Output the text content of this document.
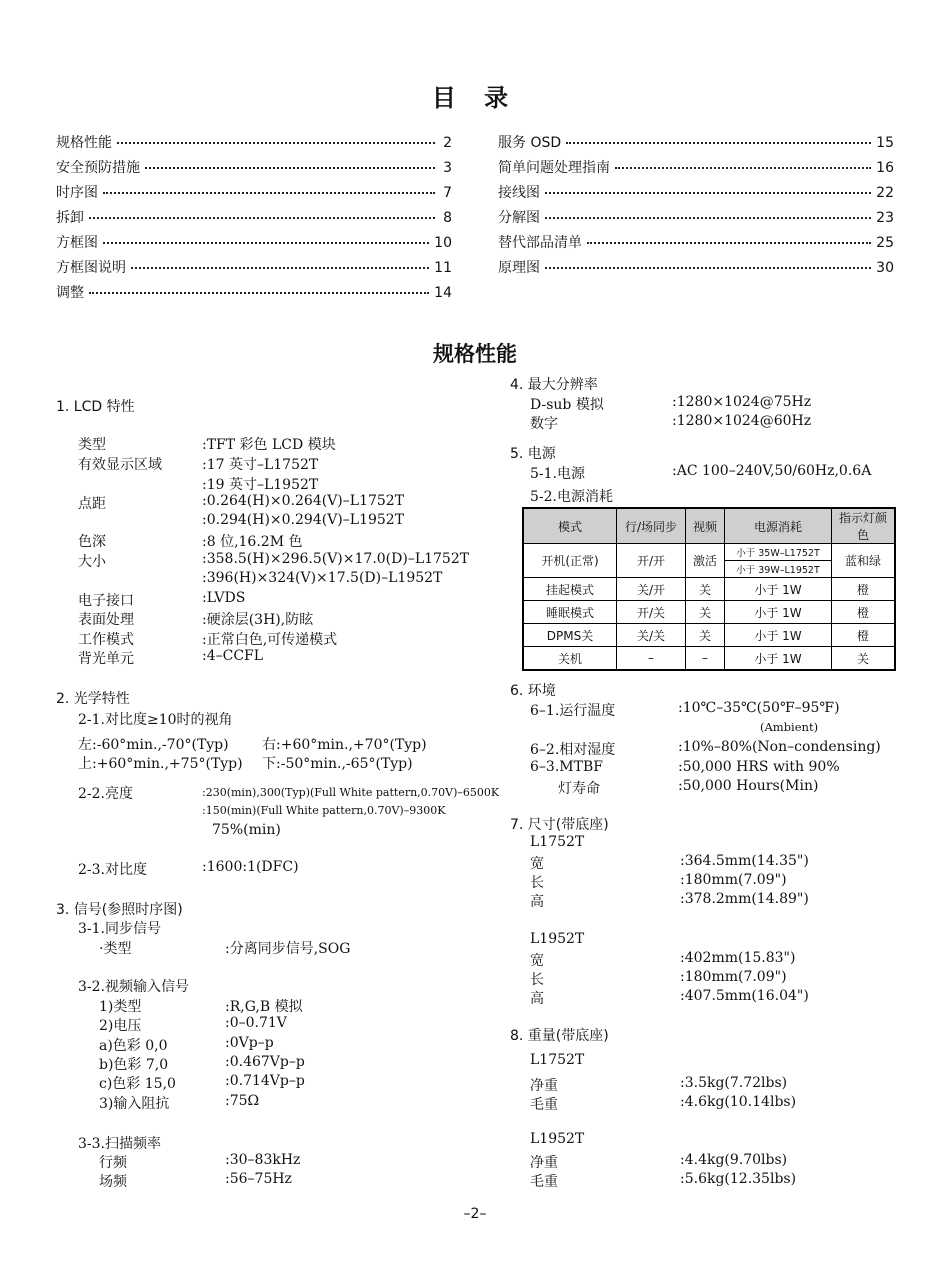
目 录
规格性能	2
安全预防措施	3
时序图	7
拆卸	8
方框图	10
方框图说明	11
调整	14
服务 OSD	15
简单问题处理指南	16
接线图	22
分解图	23
替代部品清单	25
原理图	30
规格性能
1. LCD 特性
类型	:TFT 彩色 LCD 模块
有效显示区域	:17 英寸–L1752T
:19 英寸–L1952T
点距	:0.264(H)×0.264(V)–L1752T
:0.294(H)×0.294(V)–L1952T
色深	:8 位,16.2M 色
大小	:358.5(H)×296.5(V)×17.0(D)–L1752T
:396(H)×324(V)×17.5(D)–L1952T
电子接口	:LVDS
表面处理	:硬涂层(3H),防眩
工作模式	:正常白色,可传递模式
背光单元	:4–CCFL
2. 光学特性
2-1.对比度≥10时的视角
左:-60°min.,-70°(Typ) 右:+60°min.,+70°(Typ)
上:+60°min.,+75°(Typ) 下:-50°min.,-65°(Typ)
2-2.亮度	:230(min),300(Typ)(Full White pattern,0.70V)–6500K
:150(min)(Full White pattern,0.70V)–9300K
75%(min)
2-3.对比度	:1600:1(DFC)
3. 信号(参照时序图)
3-1.同步信号
·类型	:分离同步信号,SOG
3-2.视频输入信号
1)类型	:R,G,B 模拟
2)电压	:0–0.71V
a)色彩 0,0	:0Vp–p
b)色彩 7,0	:0.467Vp–p
c)色彩 15,0	:0.714Vp–p
3)输入阻抗	:75Ω
3-3.扫描频率
行频	:30–83kHz
场频	:56–75Hz
4. 最大分辨率
D-sub 模拟	:1280×1024@75Hz
数字	:1280×1024@60Hz
5. 电源
5-1.电源	:AC 100–240V,50/60Hz,0.6A
5-2.电源消耗
模式	行/场同步	视频	电源消耗	指示灯颜色
开机(正常)	开/开	激活	小于 35W–L1752T	蓝和绿
			小于 39W–L1952T	
挂起模式	关/开	关	小于 1W	橙
睡眠模式	开/关	关	小于 1W	橙
DPMS关	关/关	关	小于 1W	橙
关机	–	–	小于 1W	关
6. 环境
6–1.运行温度	:10℃–35℃(50℉–95℉)
(Ambient)
6–2.相对湿度	:10%–80%(Non–condensing)
6–3.MTBF	:50,000 HRS with 90%
灯寿命	:50,000 Hours(Min)
7. 尺寸(带底座)
L1752T
宽	:364.5mm(14.35")
长	:180mm(7.09")
高	:378.2mm(14.89")
L1952T
宽	:402mm(15.83")
长	:180mm(7.09")
高	:407.5mm(16.04")
8. 重量(带底座)
L1752T
净重	:3.5kg(7.72lbs)
毛重	:4.6kg(10.14lbs)
L1952T
净重	:4.4kg(9.70lbs)
毛重	:5.6kg(12.35lbs)
–2–
